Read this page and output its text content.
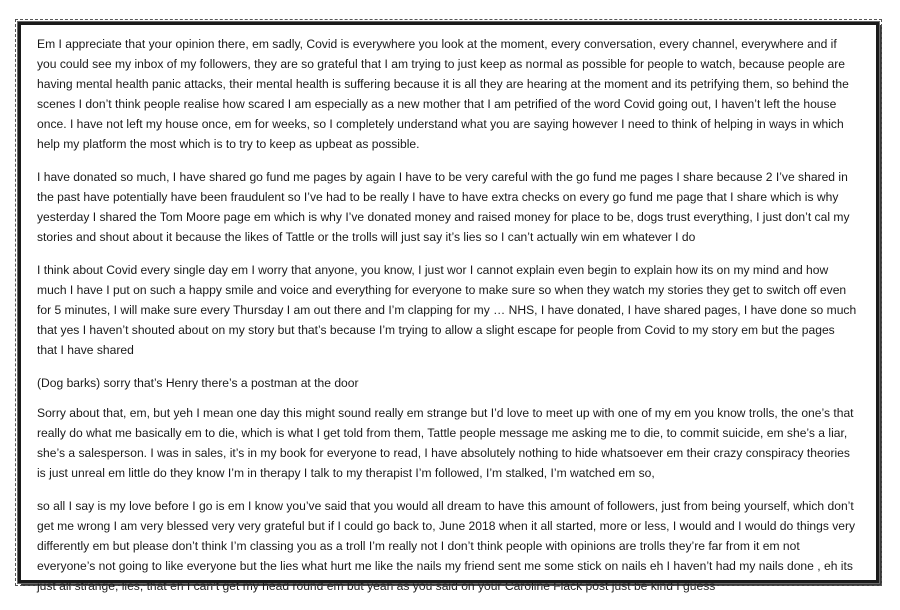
Em I appreciate that your opinion there, em sadly, Covid is everywhere you look at the moment, every conversation, every channel, everywhere and if you could see my inbox of my followers, they are so grateful that I am trying to just keep as normal as possible for people to watch, because people are having mental health panic attacks, their mental health is suffering because it is all they are hearing at the moment and its petrifying them, so behind the scenes I don’t think people realise how scared I am especially as a new mother that I am petrified of the word Covid going out, I haven’t left the house once. I have not left my house once, em for weeks, so I completely understand what you are saying however I need to think of helping in ways in which help my platform the most which is to try to keep as upbeat as possible.

I have donated so much, I have shared go fund me pages by again I have to be very careful with the go fund me pages I share because 2 I’ve shared in the past have potentially have been fraudulent so I’ve had to be really I have to have extra checks on every go fund me page that I share which is why yesterday I shared the Tom Moore page em which is why I’ve donated money and raised money for place to be, dogs trust everything, I just don’t cal my stories and shout about it because the likes of Tattle or the trolls will just say it’s lies so I can’t actually win em whatever I do

I think about Covid every single day em I worry that anyone, you know, I just wor I cannot explain even begin to explain how its on my mind and how much I have I put on such a happy smile and voice and everything for everyone to make sure so when they watch my stories they get to switch off even for 5 minutes, I will make sure every Thursday I am out there and I’m clapping for my … NHS, I have donated, I have shared pages, I have done so much that yes I haven’t shouted about on my story but that’s because I’m trying to allow a slight escape for people from Covid to my story em but the pages that I have shared

(Dog barks) sorry that’s Henry there’s a postman at the door

Sorry about that, em, but yeh I mean one day this might sound really em strange but I’d love to meet up with one of my em you know trolls, the one’s that really do what me basically em to die, which is what I get told from them, Tattle people message me asking me to die, to commit suicide, em she’s a liar, she’s a salesperson. I was in sales, it’s in my book for everyone to read, I have absolutely nothing to hide whatsoever em their crazy conspiracy theories is just unreal em little do they know I’m in therapy I talk to my therapist I’m followed, I’m stalked, I’m watched em so,

so all I say is my love before I go is em I know you’ve said that you would all dream to have this amount of followers, just from being yourself, which don’t get me wrong I am very blessed very very grateful but if I could go back to, June 2018 when it all started, more or less, I would and I would do things very differently em but please don’t think I’m classing you as a troll I’m really not I don’t think people with opinions are trolls they’re far from it em not everyone’s not going to like everyone but the lies what hurt me like the nails my friend sent me some stick on nails eh I haven’t had my nails done , eh its just all strange, lies, that eh I can’t get my head round em but yeah as you said on your Caroline Flack post just be kind I guess
